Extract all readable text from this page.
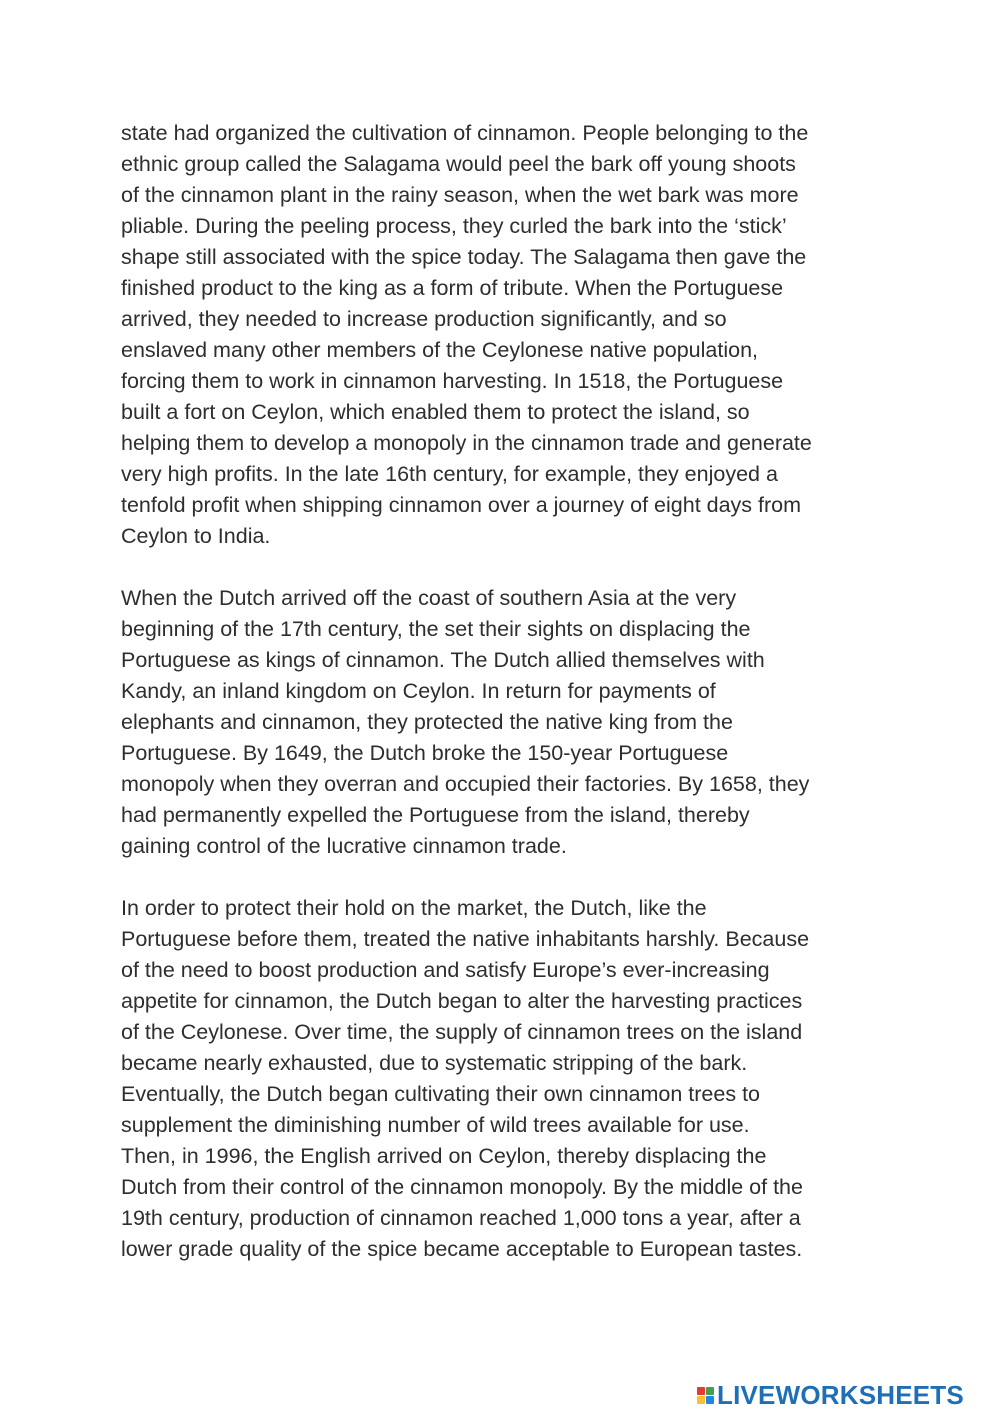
state had organized the cultivation of cinnamon. People belonging to the
ethnic group called the Salagama would peel the bark off young shoots
of the cinnamon plant in the rainy season, when the wet bark was more
pliable. During the peeling process, they curled the bark into the ‘stick’
shape still associated with the spice today. The Salagama then gave the
finished product to the king as a form of tribute. When the Portuguese
arrived, they needed to increase production significantly, and so
enslaved many other members of the Ceylonese native population,
forcing them to work in cinnamon harvesting. In 1518, the Portuguese
built a fort on Ceylon, which enabled them to protect the island, so
helping them to develop a monopoly in the cinnamon trade and generate
very high profits. In the late 16th century, for example, they enjoyed a
tenfold profit when shipping cinnamon over a journey of eight days from
Ceylon to India.

When the Dutch arrived off the coast of southern Asia at the very
beginning of the 17th century, the set their sights on displacing the
Portuguese as kings of cinnamon. The Dutch allied themselves with
Kandy, an inland kingdom on Ceylon. In return for payments of
elephants and cinnamon, they protected the native king from the
Portuguese. By 1649, the Dutch broke the 150-year Portuguese
monopoly when they overran and occupied their factories. By 1658, they
had permanently expelled the Portuguese from the island, thereby
gaining control of the lucrative cinnamon trade.

In order to protect their hold on the market, the Dutch, like the
Portuguese before them, treated the native inhabitants harshly. Because
of the need to boost production and satisfy Europe’s ever-increasing
appetite for cinnamon, the Dutch began to alter the harvesting practices
of the Ceylonese. Over time, the supply of cinnamon trees on the island
became nearly exhausted, due to systematic stripping of the bark.
Eventually, the Dutch began cultivating their own cinnamon trees to
supplement the diminishing number of wild trees available for use.
Then, in 1996, the English arrived on Ceylon, thereby displacing the
Dutch from their control of the cinnamon monopoly. By the middle of the
19th century, production of cinnamon reached 1,000 tons a year, after a
lower grade quality of the spice became acceptable to European tastes.

LIVEWORKSHEETS
